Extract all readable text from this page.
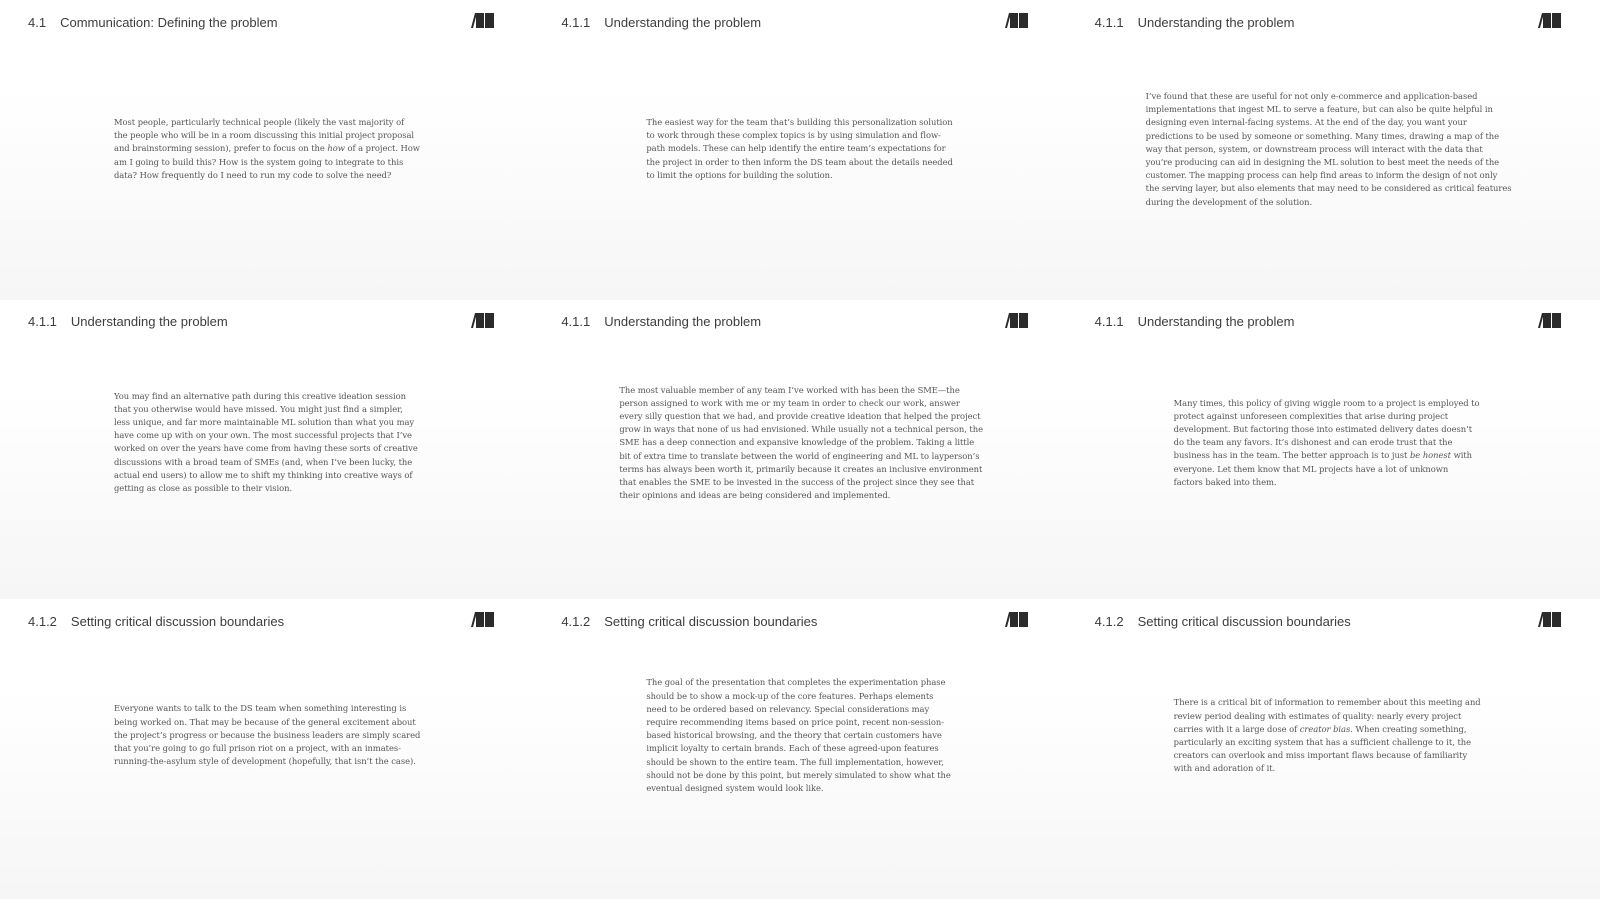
4.1 Communication: Defining the problem
Most people, particularly technical people (likely the vast majority of the people who will be in a room discussing this initial project proposal and brainstorming session), prefer to focus on the how of a project. How am I going to build this? How is the system going to integrate to this data? How frequently do I need to run my code to solve the need?
4.1.1 Understanding the problem
The easiest way for the team that’s building this personalization solution to work through these complex topics is by using simulation and flow-path models. These can help identify the entire team’s expectations for the project in order to then inform the DS team about the details needed to limit the options for building the solution.
4.1.1 Understanding the problem
I’ve found that these are useful for not only e-commerce and application-based implementations that ingest ML to serve a feature, but can also be quite helpful in designing even internal-facing systems. At the end of the day, you want your predictions to be used by someone or something. Many times, drawing a map of the way that person, system, or downstream process will interact with the data that you’re producing can aid in designing the ML solution to best meet the needs of the customer. The mapping process can help find areas to inform the design of not only the serving layer, but also elements that may need to be considered as critical features during the development of the solution.
4.1.1 Understanding the problem
You may find an alternative path during this creative ideation session that you otherwise would have missed. You might just find a simpler, less unique, and far more maintainable ML solution than what you may have come up with on your own. The most successful projects that I’ve worked on over the years have come from having these sorts of creative discussions with a broad team of SMEs (and, when I’ve been lucky, the actual end users) to allow me to shift my thinking into creative ways of getting as close as possible to their vision.
4.1.1 Understanding the problem
The most valuable member of any team I’ve worked with has been the SME—the person assigned to work with me or my team in order to check our work, answer every silly question that we had, and provide creative ideation that helped the project grow in ways that none of us had envisioned. While usually not a technical person, the SME has a deep connection and expansive knowledge of the problem. Taking a little bit of extra time to translate between the world of engineering and ML to layperson’s terms has always been worth it, primarily because it creates an inclusive environment that enables the SME to be invested in the success of the project since they see that their opinions and ideas are being considered and implemented.
4.1.1 Understanding the problem
Many times, this policy of giving wiggle room to a project is employed to protect against unforeseen complexities that arise during project development. But factoring those into estimated delivery dates doesn’t do the team any favors. It’s dishonest and can erode trust that the business has in the team. The better approach is to just be honest with everyone. Let them know that ML projects have a lot of unknown factors baked into them.
4.1.2 Setting critical discussion boundaries
Everyone wants to talk to the DS team when something interesting is being worked on. That may be because of the general excitement about the project’s progress or because the business leaders are simply scared that you’re going to go full prison riot on a project, with an inmates-running-the-asylum style of development (hopefully, that isn’t the case).
4.1.2 Setting critical discussion boundaries
The goal of the presentation that completes the experimentation phase should be to show a mock-up of the core features. Perhaps elements need to be ordered based on relevancy. Special considerations may require recommending items based on price point, recent non-session-based historical browsing, and the theory that certain customers have implicit loyalty to certain brands. Each of these agreed-upon features should be shown to the entire team. The full implementation, however, should not be done by this point, but merely simulated to show what the eventual designed system would look like.
4.1.2 Setting critical discussion boundaries
There is a critical bit of information to remember about this meeting and review period dealing with estimates of quality: nearly every project carries with it a large dose of creator bias. When creating something, particularly an exciting system that has a sufficient challenge to it, the creators can overlook and miss important flaws because of familiarity with and adoration of it.
